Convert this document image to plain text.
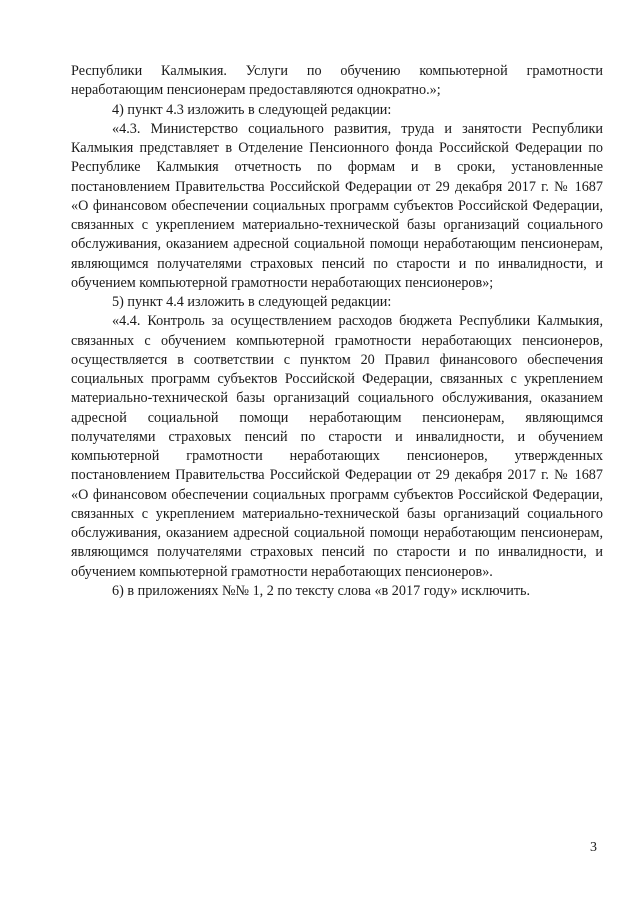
Республики Калмыкия. Услуги по обучению компьютерной грамотности неработающим пенсионерам предоставляются однократно.»;

4) пункт 4.3 изложить в следующей редакции:

«4.3. Министерство социального развития, труда и занятости Республики Калмыкия представляет в Отделение Пенсионного фонда Российской Федерации по Республике Калмыкия отчетность по формам и в сроки, установленные постановлением Правительства Российской Федерации от 29 декабря 2017 г. № 1687 «О финансовом обеспечении социальных программ субъектов Российской Федерации, связанных с укреплением материально-технической базы организаций социального обслуживания, оказанием адресной социальной помощи неработающим пенсионерам, являющимся получателями страховых пенсий по старости и по инвалидности, и обучением компьютерной грамотности неработающих пенсионеров»;

5) пункт 4.4 изложить в следующей редакции:

«4.4. Контроль за осуществлением расходов бюджета Республики Калмыкия, связанных с обучением компьютерной грамотности неработающих пенсионеров, осуществляется в соответствии с пунктом 20 Правил финансового обеспечения социальных программ субъектов Российской Федерации, связанных с укреплением материально-технической базы организаций социального обслуживания, оказанием адресной социальной помощи неработающим пенсионерам, являющимся получателями страховых пенсий по старости и инвалидности, и обучением компьютерной грамотности неработающих пенсионеров, утвержденных постановлением Правительства Российской Федерации от 29 декабря 2017 г. № 1687 «О финансовом обеспечении социальных программ субъектов Российской Федерации, связанных с укреплением материально-технической базы организаций социального обслуживания, оказанием адресной социальной помощи неработающим пенсионерам, являющимся получателями страховых пенсий по старости и по инвалидности, и обучением компьютерной грамотности неработающих пенсионеров».

6) в приложениях №№ 1, 2 по тексту слова «в 2017 году» исключить.

3
